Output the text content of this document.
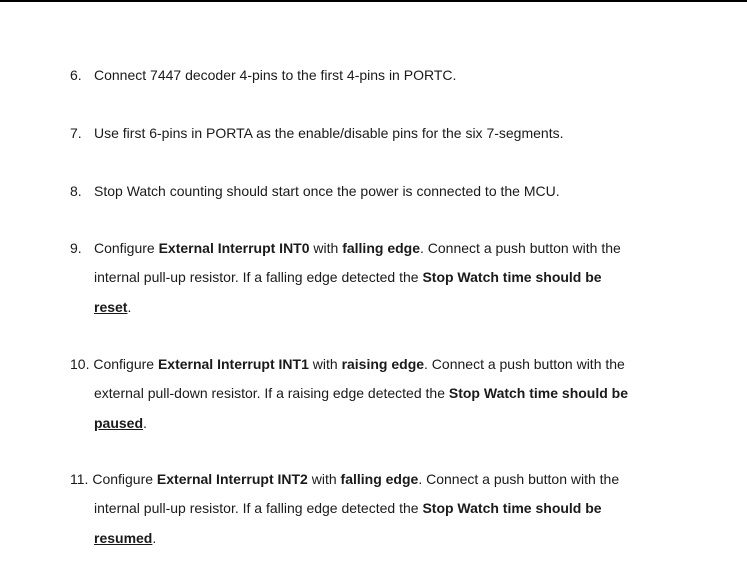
6. Connect 7447 decoder 4-pins to the first 4-pins in PORTC.
7. Use first 6-pins in PORTA as the enable/disable pins for the six 7-segments.
8. Stop Watch counting should start once the power is connected to the MCU.
9. Configure External Interrupt INT0 with falling edge. Connect a push button with the
internal pull-up resistor. If a falling edge detected the Stop Watch time should be
reset.
10. Configure External Interrupt INT1 with raising edge. Connect a push button with the
external pull-down resistor. If a raising edge detected the Stop Watch time should be
paused.
11. Configure External Interrupt INT2 with falling edge. Connect a push button with the
internal pull-up resistor. If a falling edge detected the Stop Watch time should be
resumed.
